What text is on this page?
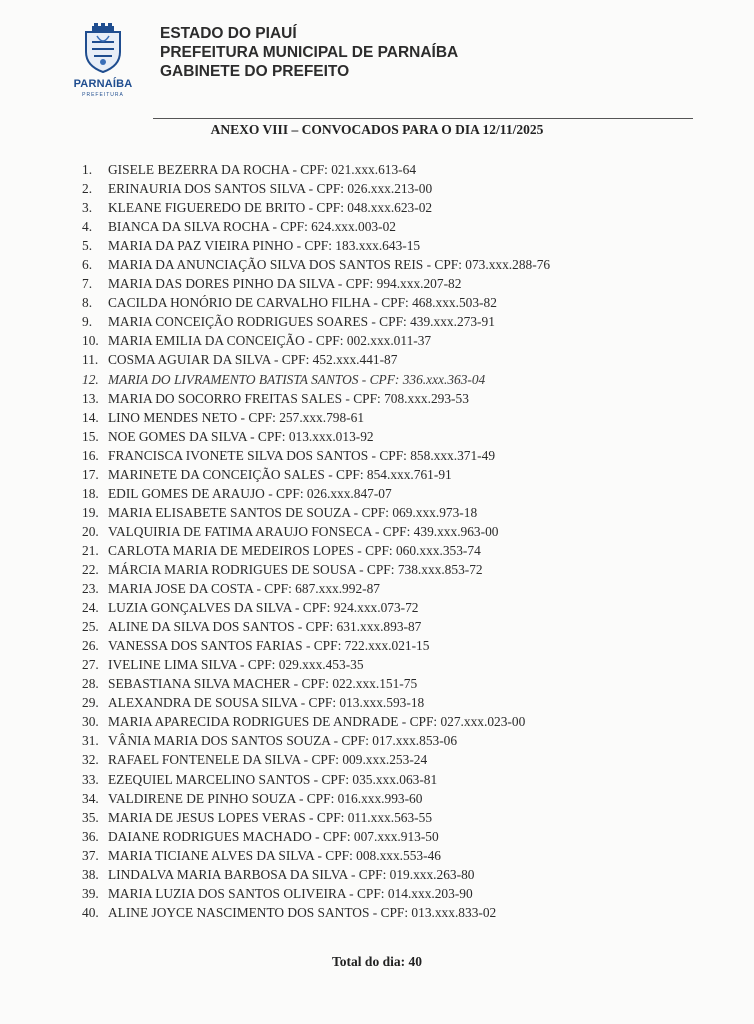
PARNAÍBA
PREFEITURA
ESTADO DO PIAUÍ
PREFEITURA MUNICIPAL DE PARNAÍBA
GABINETE DO PREFEITO
ANEXO VIII – CONVOCADOS PARA O DIA 12/11/2025
1. GISELE BEZERRA DA ROCHA - CPF: 021.xxx.613-64
2. ERINAURIA DOS SANTOS SILVA - CPF: 026.xxx.213-00
3. KLEANE FIGUEREDO DE BRITO - CPF: 048.xxx.623-02
4. BIANCA DA SILVA ROCHA - CPF: 624.xxx.003-02
5. MARIA DA PAZ VIEIRA PINHO - CPF: 183.xxx.643-15
6. MARIA DA ANUNCIAÇÃO SILVA DOS SANTOS REIS - CPF: 073.xxx.288-76
7. MARIA DAS DORES PINHO DA SILVA - CPF: 994.xxx.207-82
8. CACILDA HONÓRIO DE CARVALHO FILHA - CPF: 468.xxx.503-82
9. MARIA CONCEIÇÃO RODRIGUES SOARES - CPF: 439.xxx.273-91
10. MARIA EMILIA DA CONCEIÇÃO - CPF: 002.xxx.011-37
11. COSMA AGUIAR DA SILVA - CPF: 452.xxx.441-87
12. MARIA DO LIVRAMENTO BATISTA SANTOS - CPF: 336.xxx.363-04
13. MARIA DO SOCORRO FREITAS SALES - CPF: 708.xxx.293-53
14. LINO MENDES NETO - CPF: 257.xxx.798-61
15. NOE GOMES DA SILVA - CPF: 013.xxx.013-92
16. FRANCISCA IVONETE SILVA DOS SANTOS - CPF: 858.xxx.371-49
17. MARINETE DA CONCEIÇÃO SALES - CPF: 854.xxx.761-91
18. EDIL GOMES DE ARAUJO - CPF: 026.xxx.847-07
19. MARIA ELISABETE SANTOS DE SOUZA - CPF: 069.xxx.973-18
20. VALQUIRIA DE FATIMA ARAUJO FONSECA - CPF: 439.xxx.963-00
21. CARLOTA MARIA DE MEDEIROS LOPES - CPF: 060.xxx.353-74
22. MÁRCIA MARIA RODRIGUES DE SOUSA - CPF: 738.xxx.853-72
23. MARIA JOSE DA COSTA - CPF: 687.xxx.992-87
24. LUZIA GONÇALVES DA SILVA - CPF: 924.xxx.073-72
25. ALINE DA SILVA DOS SANTOS - CPF: 631.xxx.893-87
26. VANESSA DOS SANTOS FARIAS - CPF: 722.xxx.021-15
27. IVELINE LIMA SILVA - CPF: 029.xxx.453-35
28. SEBASTIANA SILVA MACHER - CPF: 022.xxx.151-75
29. ALEXANDRA DE SOUSA SILVA - CPF: 013.xxx.593-18
30. MARIA APARECIDA RODRIGUES DE ANDRADE - CPF: 027.xxx.023-00
31. VÂNIA MARIA DOS SANTOS SOUZA - CPF: 017.xxx.853-06
32. RAFAEL FONTENELE DA SILVA - CPF: 009.xxx.253-24
33. EZEQUIEL MARCELINO SANTOS - CPF: 035.xxx.063-81
34. VALDIRENE DE PINHO SOUZA - CPF: 016.xxx.993-60
35. MARIA DE JESUS LOPES VERAS - CPF: 011.xxx.563-55
36. DAIANE RODRIGUES MACHADO - CPF: 007.xxx.913-50
37. MARIA TICIANE ALVES DA SILVA - CPF: 008.xxx.553-46
38. LINDALVA MARIA BARBOSA DA SILVA - CPF: 019.xxx.263-80
39. MARIA LUZIA DOS SANTOS OLIVEIRA - CPF: 014.xxx.203-90
40. ALINE JOYCE NASCIMENTO DOS SANTOS - CPF: 013.xxx.833-02
Total do dia: 40
